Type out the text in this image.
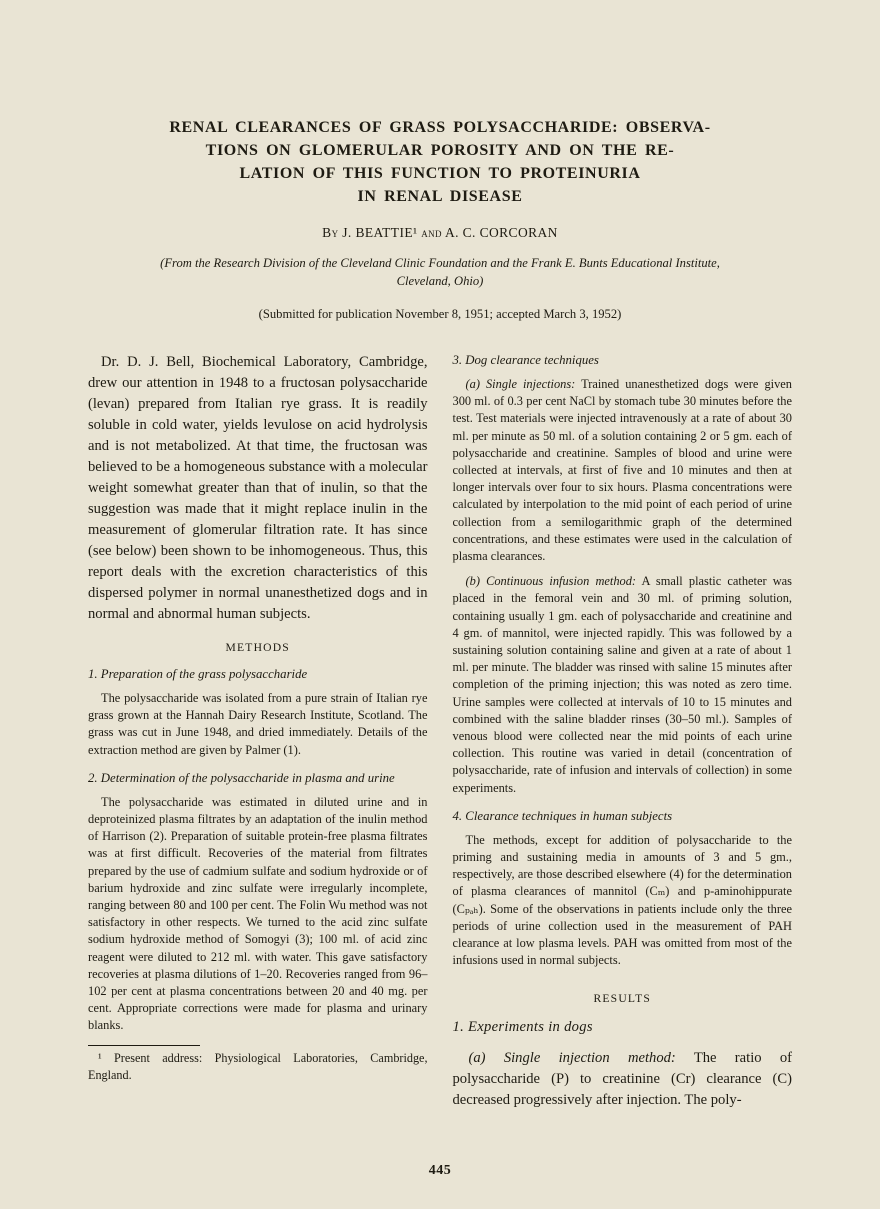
RENAL CLEARANCES OF GRASS POLYSACCHARIDE: OBSERVA-
TIONS ON GLOMERULAR POROSITY AND ON THE RE-
LATION OF THIS FUNCTION TO PROTEINURIA
IN RENAL DISEASE
By J. BEATTIE¹ and A. C. CORCORAN
(From the Research Division of the Cleveland Clinic Foundation and the Frank E. Bunts Educational Institute, Cleveland, Ohio)
(Submitted for publication November 8, 1951; accepted March 3, 1952)

Dr. D. J. Bell, Biochemical Laboratory, Cambridge, drew our attention in 1948 to a fructosan polysaccharide (levan) prepared from Italian rye grass. It is readily soluble in cold water, yields levulose on acid hydrolysis and is not metabolized. At that time, the fructosan was believed to be a homogeneous substance with a molecular weight somewhat greater than that of inulin, so that the suggestion was made that it might replace inulin in the measurement of glomerular filtration rate. It has since (see below) been shown to be inhomogeneous. Thus, this report deals with the excretion characteristics of this dispersed polymer in normal unanesthetized dogs and in normal and abnormal human subjects.

METHODS
1. Preparation of the grass polysaccharide

The polysaccharide was isolated from a pure strain of Italian rye grass grown at the Hannah Dairy Research Institute, Scotland. The grass was cut in June 1948, and dried immediately. Details of the extraction method are given by Palmer (1).

2. Determination of the polysaccharide in plasma and urine

The polysaccharide was estimated in diluted urine and in deproteinized plasma filtrates by an adaptation of the inulin method of Harrison (2). Preparation of suitable protein-free plasma filtrates was at first difficult. Recoveries of the material from filtrates prepared by the use of cadmium sulfate and sodium hydroxide or of barium hydroxide and zinc sulfate were irregularly incomplete, ranging between 80 and 100 per cent. The Folin Wu method was not satisfactory in other respects. We turned to the acid zinc sulfate sodium hydroxide method of Somogyi (3); 100 ml. of acid zinc reagent were diluted to 212 ml. with water. This gave satisfactory recoveries at plasma dilutions of 1–20. Recoveries ranged from 96–102 per cent at plasma concentrations between 20 and 40 mg. per cent. Appropriate corrections were made for plasma and urinary blanks.

¹ Present address: Physiological Laboratories, Cambridge, England.

3. Dog clearance techniques

(a) Single injections: Trained unanesthetized dogs were given 300 ml. of 0.3 per cent NaCl by stomach tube 30 minutes before the test. Test materials were injected intravenously at a rate of about 30 ml. per minute as 50 ml. of a solution containing 2 or 5 gm. each of polysaccharide and creatinine. Samples of blood and urine were collected at intervals, at first of five and 10 minutes and then at longer intervals over four to six hours. Plasma concentrations were calculated by interpolation to the mid point of each period of urine collection from a semilogarithmic graph of the determined concentrations, and these estimates were used in the calculation of plasma clearances.

(b) Continuous infusion method: A small plastic catheter was placed in the femoral vein and 30 ml. of priming solution, containing usually 1 gm. each of polysaccharide and creatinine and 4 gm. of mannitol, were injected rapidly. This was followed by a sustaining solution containing saline and given at a rate of about 1 ml. per minute. The bladder was rinsed with saline 15 minutes after completion of the priming injection; this was noted as zero time. Urine samples were collected at intervals of 10 to 15 minutes and combined with the saline bladder rinses (30–50 ml.). Samples of venous blood were collected near the mid points of each urine collection. This routine was varied in detail (concentration of polysaccharide, rate of infusion and intervals of collection) in some experiments.

4. Clearance techniques in human subjects

The methods, except for addition of polysaccharide to the priming and sustaining media in amounts of 3 and 5 gm., respectively, are those described elsewhere (4) for the determination of plasma clearances of mannitol (Cₘ) and p-aminohippurate (Cₚₐₕ). Some of the observations in patients include only the three periods of urine collection used in the measurement of PAH clearance at low plasma levels. PAH was omitted from most of the infusions used in normal subjects.

RESULTS
1. Experiments in dogs

(a) Single injection method: The ratio of polysaccharide (P) to creatinine (Cr) clearance (C) decreased progressively after injection. The poly-

445
